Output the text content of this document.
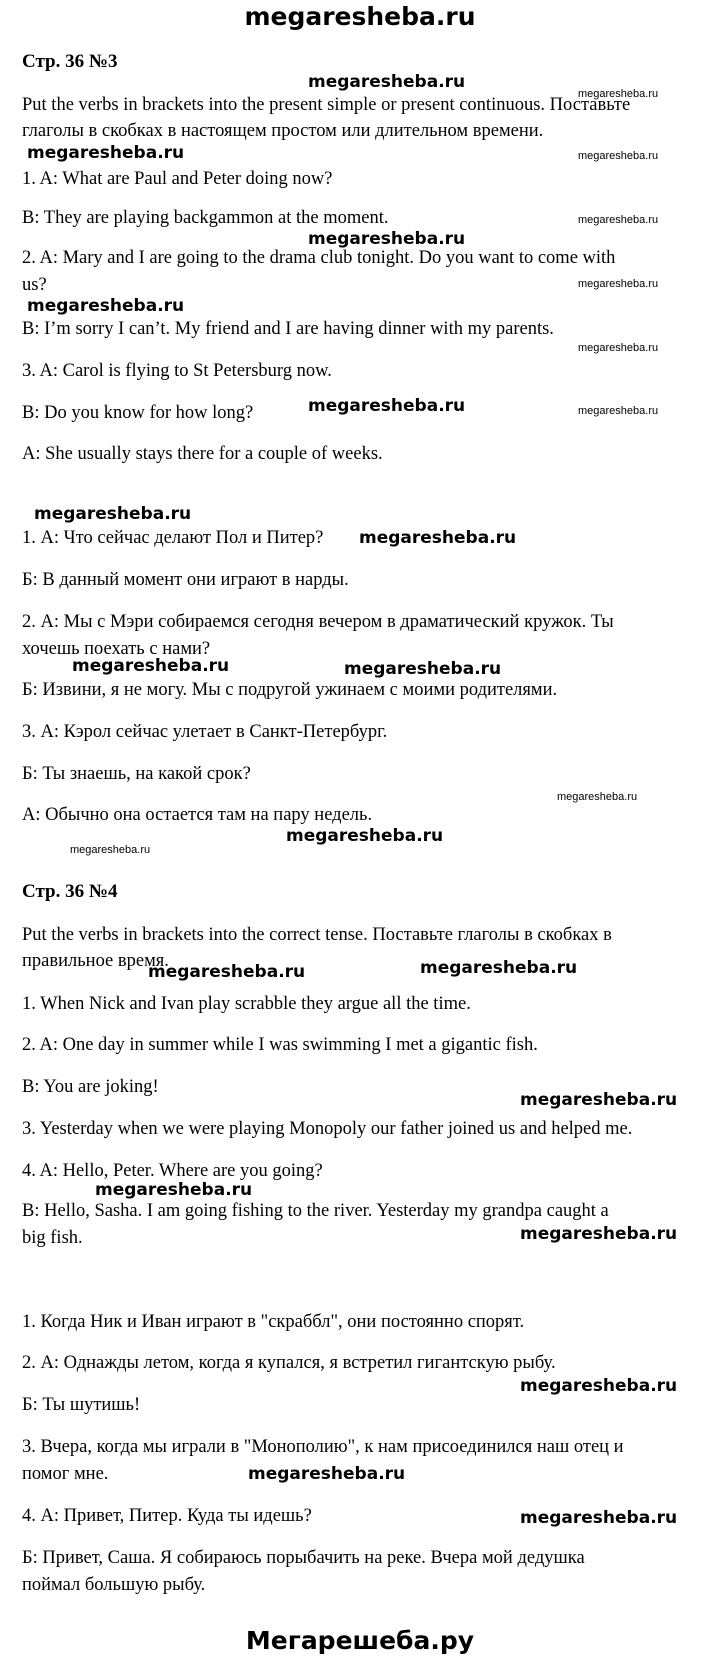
megaresheba.ru
Стр. 36 №3
Put the verbs in brackets into the present simple or present continuous. Поставьте
глаголы в скобках в настоящем простом или длительном времени.
1. A: What are Paul and Peter doing now?
B: They are playing backgammon at the moment.
2. A: Mary and I are going to the drama club tonight. Do you want to come with
us?
B: I’m sorry I can’t. My friend and I are having dinner with my parents.
3. A: Carol is flying to St Petersburg now.
B: Do you know for how long?
A: She usually stays there for a couple of weeks.
1. А: Что сейчас делают Пол и Питер?
Б: В данный момент они играют в нарды.
2. А: Мы с Мэри собираемся сегодня вечером в драматический кружок. Ты
хочешь поехать с нами?
Б: Извини, я не могу. Мы с подругой ужинаем с моими родителями.
3. А: Кэрол сейчас улетает в Санкт-Петербург.
Б: Ты знаешь, на какой срок?
А: Обычно она остается там на пару недель.
Стр. 36 №4
Put the verbs in brackets into the correct tense. Поставьте глаголы в скобках в
правильное время.
1. When Nick and Ivan play scrabble they argue all the time.
2. A: One day in summer while I was swimming I met a gigantic fish.
B: You are joking!
3. Yesterday when we were playing Monopoly our father joined us and helped me.
4. A: Hello, Peter. Where are you going?
B: Hello, Sasha. I am going fishing to the river. Yesterday my grandpa caught a
big fish.
1. Когда Ник и Иван играют в "скраббл", они постоянно спорят.
2. А: Однажды летом, когда я купался, я встретил гигантскую рыбу.
Б: Ты шутишь!
3. Вчера, когда мы играли в "Монополию", к нам присоединился наш отец и
помог мне.
4. А: Привет, Питер. Куда ты идешь?
Б: Привет, Саша. Я собираюсь порыбачить на реке. Вчера мой дедушка
поймал большую рыбу.
megaresheba.ru
megaresheba.ru
megaresheba.ru
megaresheba.ru
megaresheba.ru
megaresheba.ru
megaresheba.ru
megaresheba.ru	megaresheba.ru
megaresheba.ru
megaresheba.ru	megaresheba.ru
megaresheba.ru
megaresheba.ru
megaresheba.ru
megaresheba.ru
megaresheba.ru
megaresheba.ru
megaresheba.ru
megaresheba.ru
megaresheba.ru
megaresheba.ru
megaresheba.ru
megaresheba.ru
megaresheba.ru
megaresheba.ru
Мегарешеба.ру
